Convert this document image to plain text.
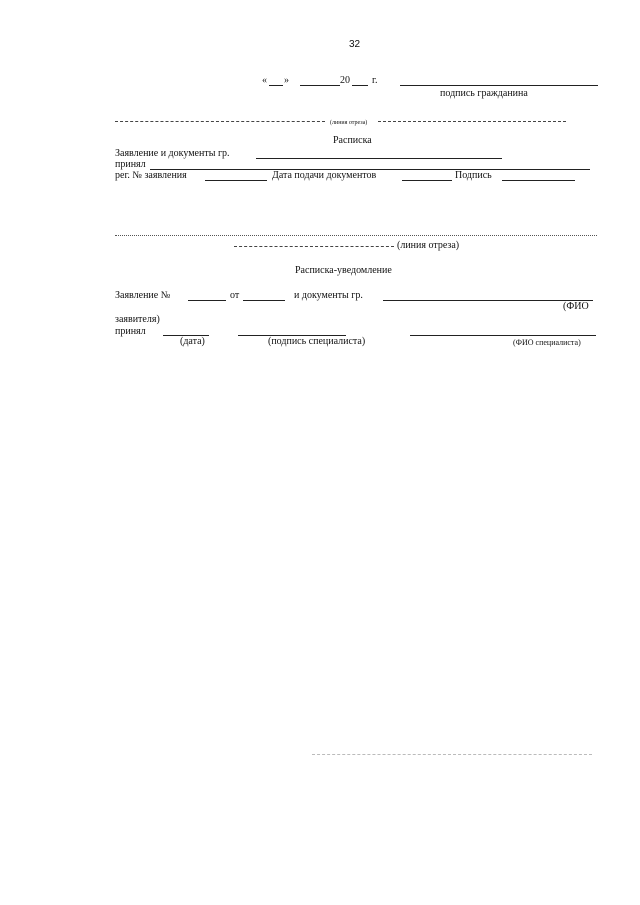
32
« »	20 г.
подпись гражданина
(линия отреза)
Расписка
Заявление и документы гр.
принял
рег. № заявления	Дата подачи документов	Подпись
(линия отреза)
Расписка-уведомление
Заявление №	от	и документы гр.
(ФИО
заявителя)
принял
(дата)	(подпись специалиста)	(ФИО специалиста)
